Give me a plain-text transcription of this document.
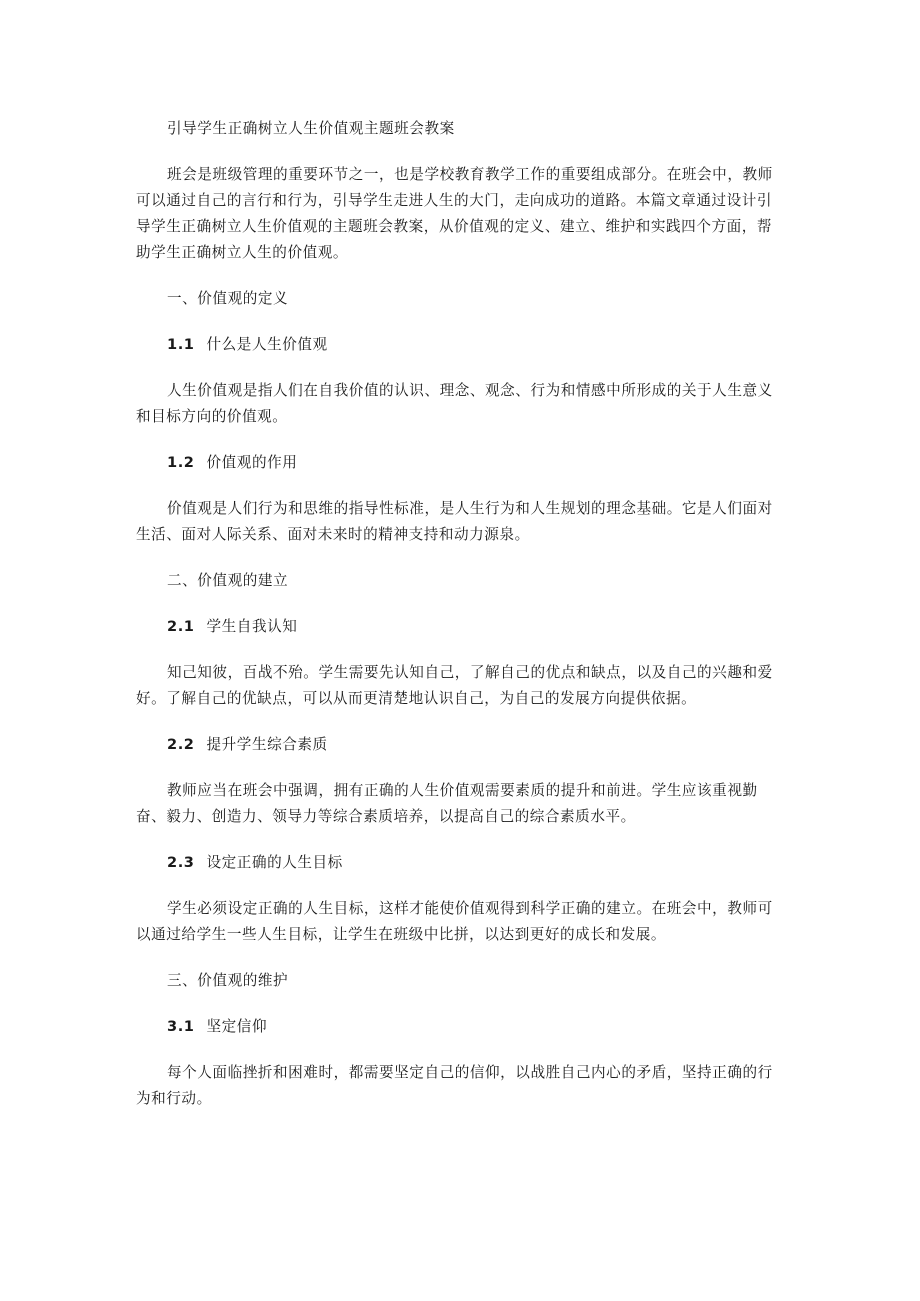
引导学生正确树立人生价值观主题班会教案
班会是班级管理的重要环节之一，也是学校教育教学工作的重要组成部分。在班会中，教师
可以通过自己的言行和行为，引导学生走进人生的大门，走向成功的道路。本篇文章通过设计引
导学生正确树立人生价值观的主题班会教案，从价值观的定义、建立、维护和实践四个方面，帮
助学生正确树立人生的价值观。
一、价值观的定义
1.1 什么是人生价值观
人生价值观是指人们在自我价值的认识、理念、观念、行为和情感中所形成的关于人生意义
和目标方向的价值观。
1.2 价值观的作用
价值观是人们行为和思维的指导性标准，是人生行为和人生规划的理念基础。它是人们面对
生活、面对人际关系、面对未来时的精神支持和动力源泉。
二、价值观的建立
2.1 学生自我认知
知己知彼，百战不殆。学生需要先认知自己，了解自己的优点和缺点，以及自己的兴趣和爱
好。了解自己的优缺点，可以从而更清楚地认识自己，为自己的发展方向提供依据。
2.2 提升学生综合素质
教师应当在班会中强调，拥有正确的人生价值观需要素质的提升和前进。学生应该重视勤
奋、毅力、创造力、领导力等综合素质培养，以提高自己的综合素质水平。
2.3 设定正确的人生目标
学生必须设定正确的人生目标，这样才能使价值观得到科学正确的建立。在班会中，教师可
以通过给学生一些人生目标，让学生在班级中比拼，以达到更好的成长和发展。
三、价值观的维护
3.1 坚定信仰
每个人面临挫折和困难时，都需要坚定自己的信仰，以战胜自己内心的矛盾，坚持正确的行
为和行动。
